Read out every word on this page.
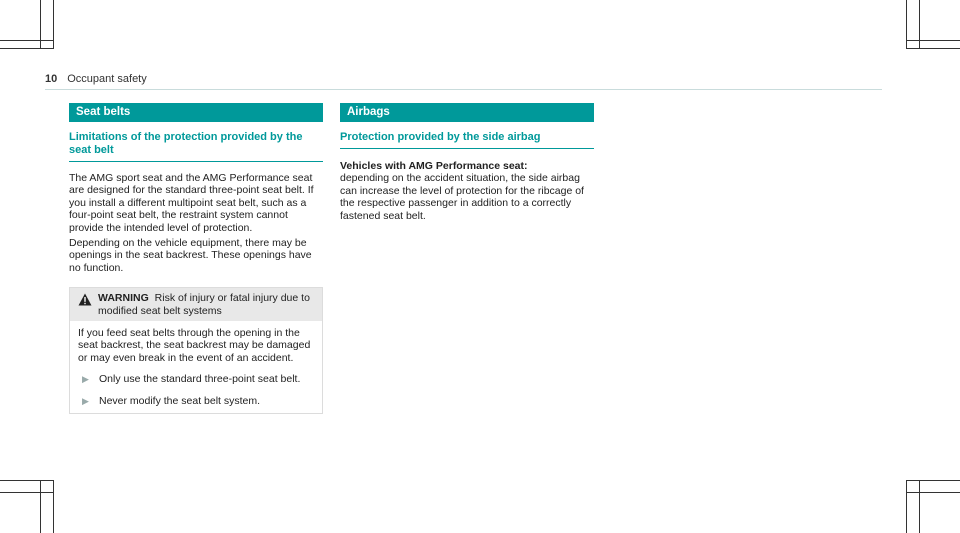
10 Occupant safety
Seat belts
Limitations of the protection provided by the seat belt

The AMG sport seat and the AMG Performance seat are designed for the standard three-point seat belt. If you install a different multipoint seat belt, such as a four-point seat belt, the restraint system cannot provide the intended level of protection.

Depending on the vehicle equipment, there may be openings in the seat backrest. These openings have no function.

WARNING Risk of injury or fatal injury due to modified seat belt systems

If you feed seat belts through the opening in the seat backrest, the seat backrest may be damaged or may even break in the event of an accident.

▶ Only use the standard three-point seat belt.
▶ Never modify the seat belt system.
Airbags
Protection provided by the side airbag
Vehicles with AMG Performance seat:

depending on the accident situation, the side airbag can increase the level of protection for the ribcage of the respective passenger in addition to a correctly fastened seat belt.
